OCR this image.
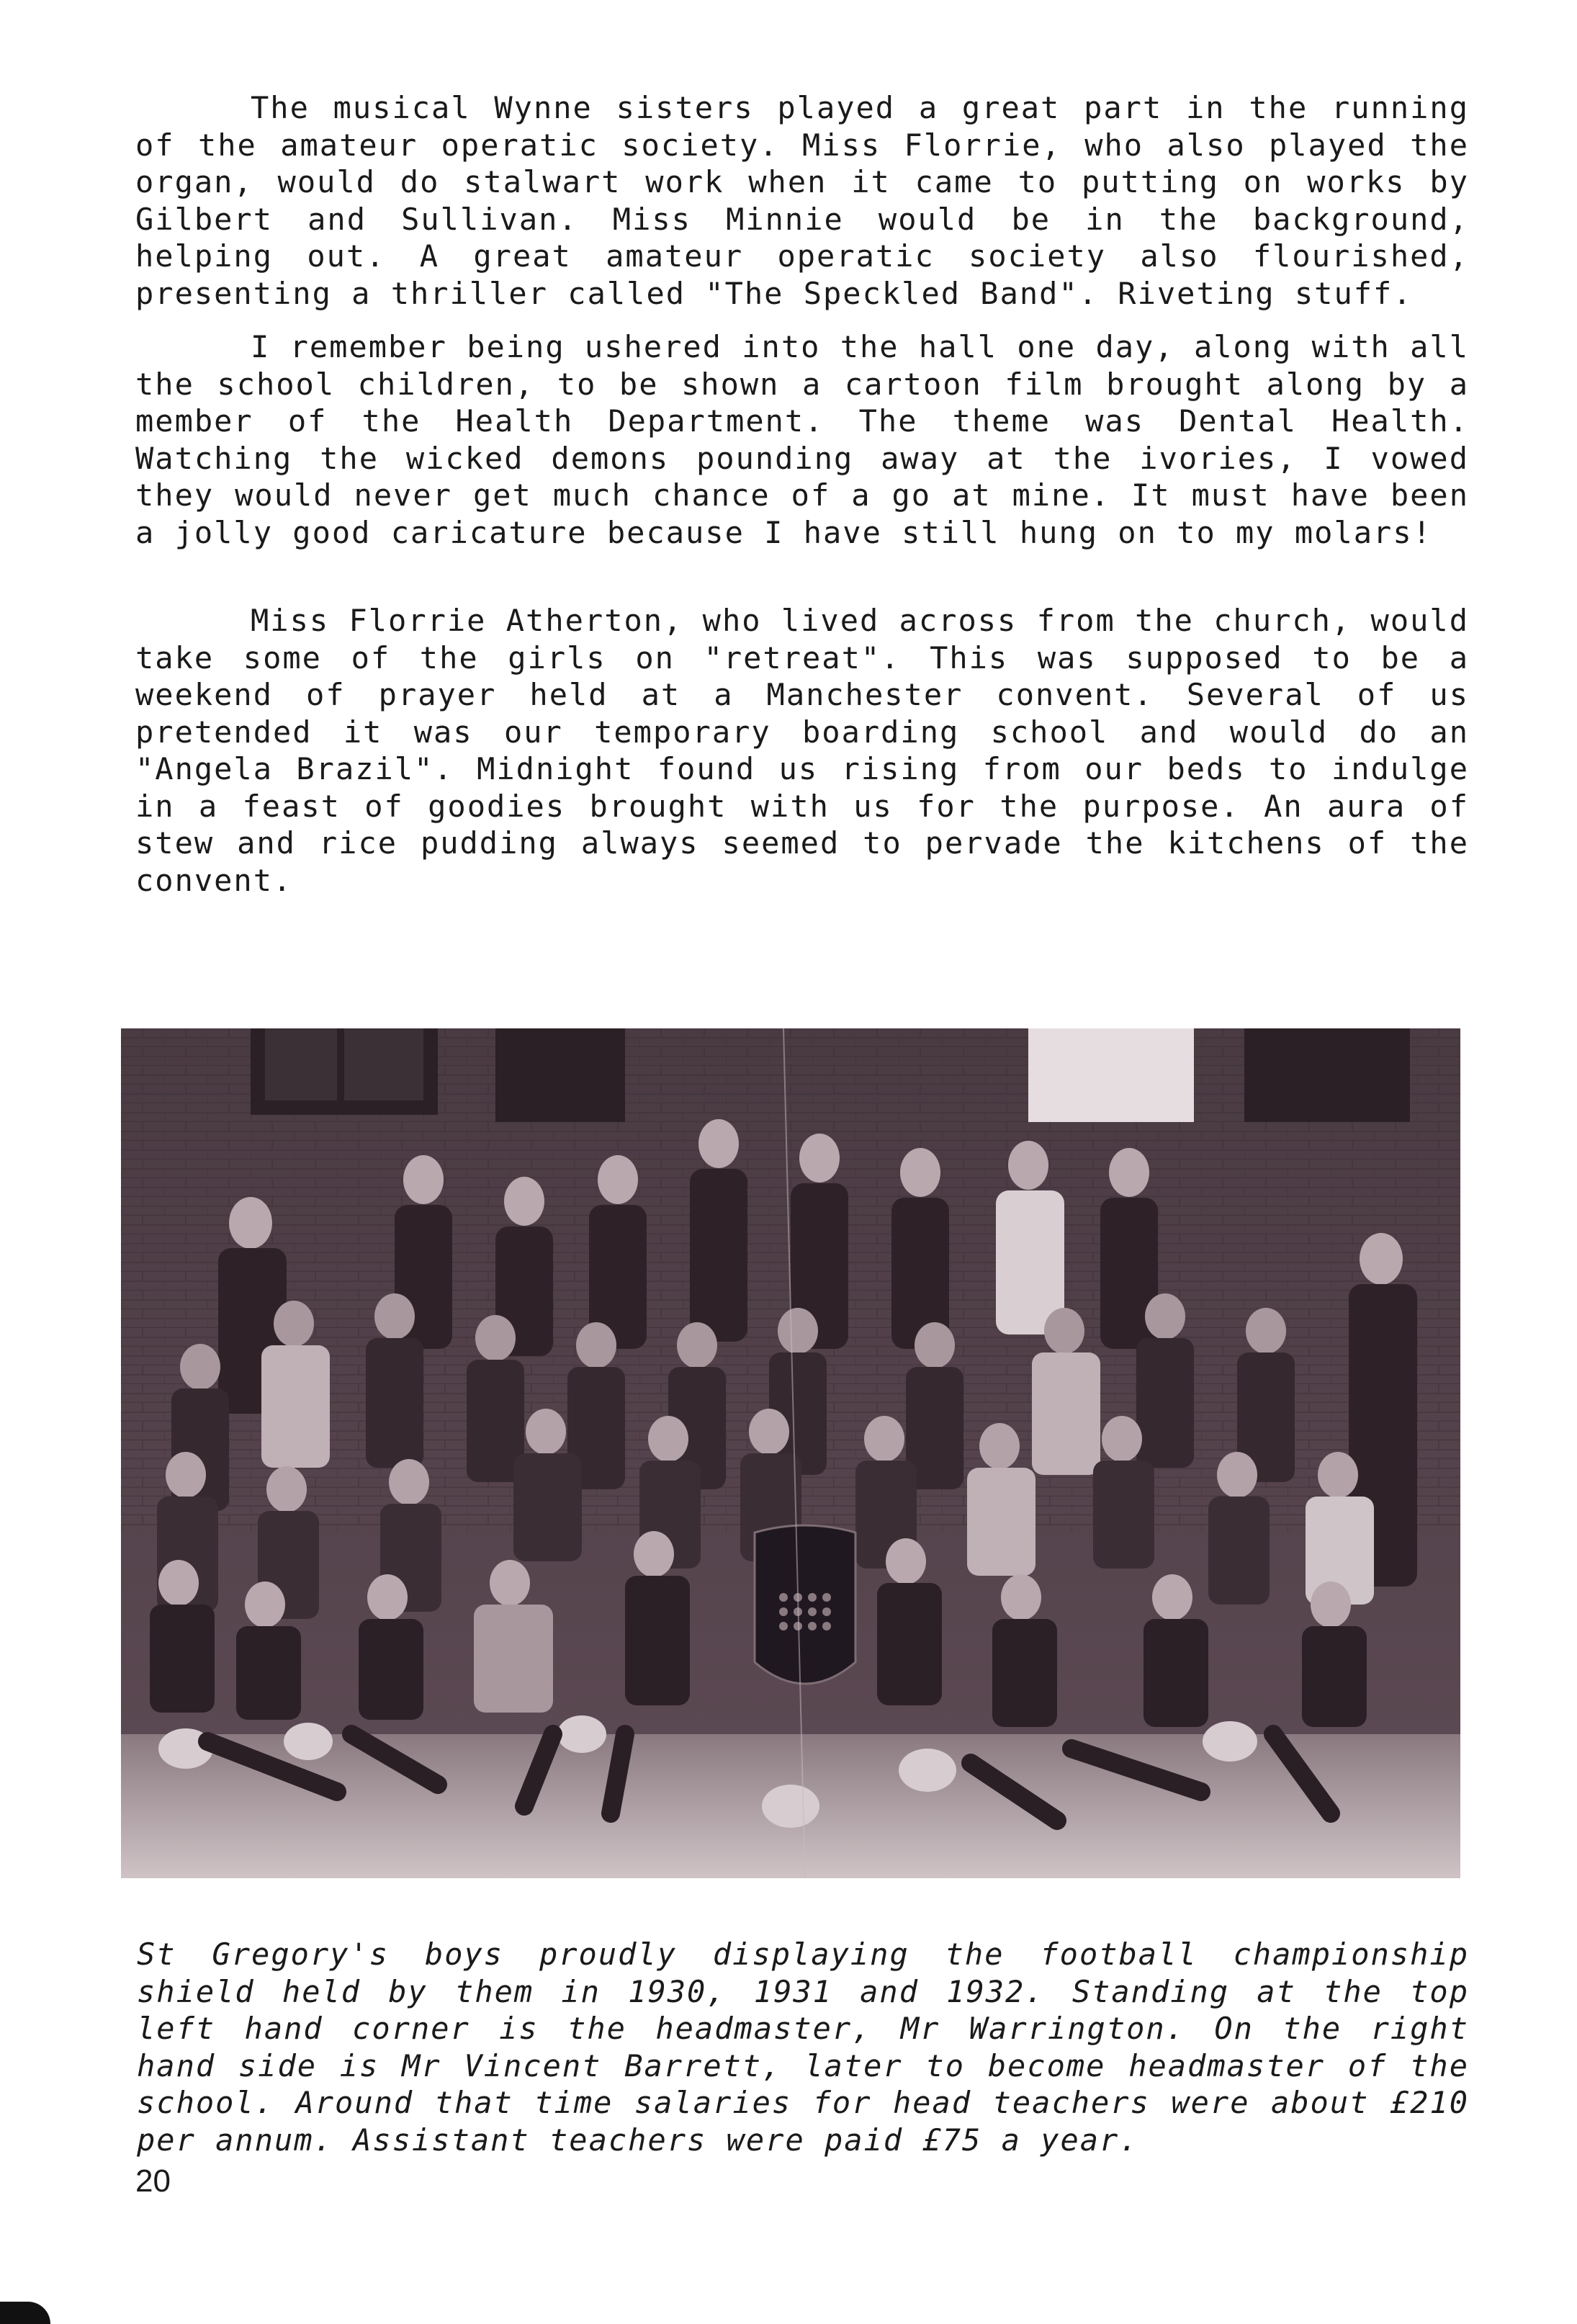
The musical Wynne sisters played a great part in the running of the amateur operatic society. Miss Florrie, who also played the organ, would do stalwart work when it came to putting on works by Gilbert and Sullivan. Miss Minnie would be in the background, helping out. A great amateur operatic society also flourished, presenting a thriller called "The Speckled Band". Riveting stuff.

I remember being ushered into the hall one day, along with all the school children, to be shown a cartoon film brought along by a member of the Health Department. The theme was Dental Health. Watching the wicked demons pounding away at the ivories, I vowed they would never get much chance of a go at mine. It must have been a jolly good caricature because I have still hung on to my molars!

Miss Florrie Atherton, who lived across from the church, would take some of the girls on "retreat". This was supposed to be a weekend of prayer held at a Manchester convent. Several of us pretended it was our temporary boarding school and would do an "Angela Brazil". Midnight found us rising from our beds to indulge in a feast of goodies brought with us for the purpose. An aura of stew and rice pudding always seemed to pervade the kitchens of the convent.

St Gregory's boys proudly displaying the football championship shield held by them in 1930, 1931 and 1932. Standing at the top left hand corner is the headmaster, Mr Warrington. On the right hand side is Mr Vincent Barrett, later to become headmaster of the school. Around that time salaries for head teachers were about £210 per annum. Assistant teachers were paid £75 a year.

20
